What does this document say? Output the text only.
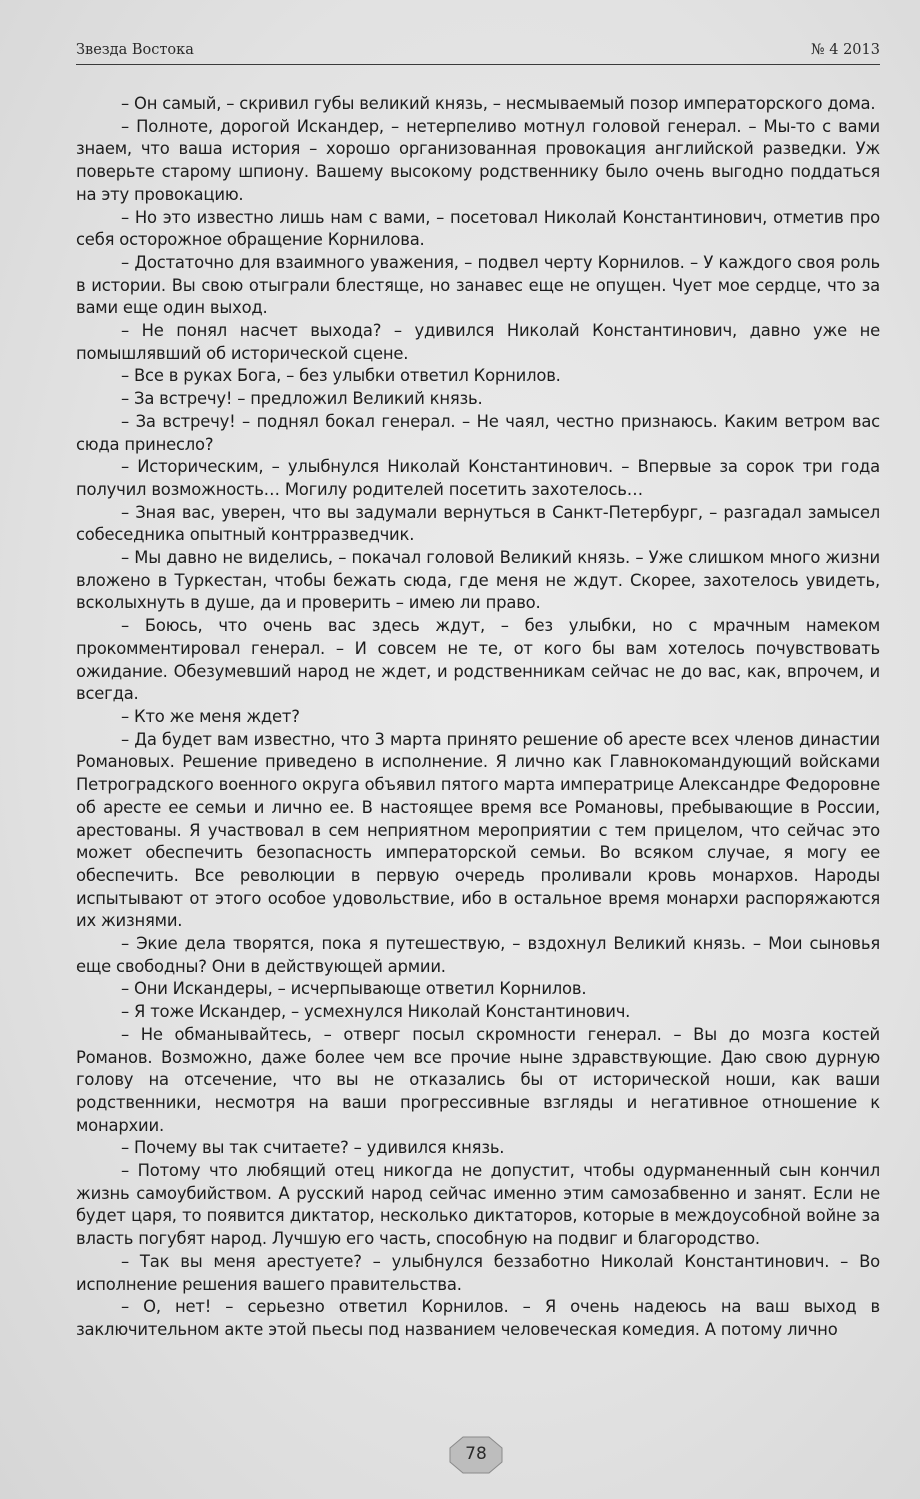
Звезда Востока	№ 4 2013

– Он самый, – скривил губы великий князь, – несмываемый позор императорского дома.

– Полноте, дорогой Искандер, – нетерпеливо мотнул головой генерал. – Мы-то с вами знаем, что ваша история – хорошо организованная провокация английской разведки. Уж поверьте старому шпиону. Вашему высокому родственнику было очень выгодно поддаться на эту провокацию.

– Но это известно лишь нам с вами, – посетовал Николай Константинович, отметив про себя осторожное обращение Корнилова.

– Достаточно для взаимного уважения, – подвел черту Корнилов. – У каждого своя роль в истории. Вы свою отыграли блестяще, но занавес еще не опущен. Чует мое сердце, что за вами еще один выход.

– Не понял насчет выхода? – удивился Николай Константинович, давно уже не помышлявший об исторической сцене.

– Все в руках Бога, – без улыбки ответил Корнилов.

– За встречу! – предложил Великий князь.

– За встречу! – поднял бокал генерал. – Не чаял, честно признаюсь. Каким ветром вас сюда принесло?

– Историческим, – улыбнулся Николай Константинович. – Впервые за сорок три года получил возможность… Могилу родителей посетить захотелось…

– Зная вас, уверен, что вы задумали вернуться в Санкт-Петербург, – разгадал замысел собеседника опытный контрразведчик.

– Мы давно не виделись, – покачал головой Великий князь. – Уже слишком много жизни вложено в Туркестан, чтобы бежать сюда, где меня не ждут. Скорее, захотелось увидеть, всколыхнуть в душе, да и проверить – имею ли право.

– Боюсь, что очень вас здесь ждут, – без улыбки, но с мрачным намеком прокомментировал генерал. – И совсем не те, от кого бы вам хотелось почувствовать ожидание. Обезумевший народ не ждет, и родственникам сейчас не до вас, как, впрочем, и всегда.

– Кто же меня ждет?

– Да будет вам известно, что 3 марта принято решение об аресте всех членов династии Романовых. Решение приведено в исполнение. Я лично как Главнокомандующий войсками Петроградского военного округа объявил пятого марта императрице Александре Федоровне об аресте ее семьи и лично ее. В настоящее время все Романовы, пребывающие в России, арестованы. Я участвовал в сем неприятном мероприятии с тем прицелом, что сейчас это может обеспечить безопасность императорской семьи. Во всяком случае, я могу ее обеспечить. Все революции в первую очередь проливали кровь монархов. Народы испытывают от этого особое удовольствие, ибо в остальное время монархи распоряжаются их жизнями.

– Экие дела творятся, пока я путешествую, – вздохнул Великий князь. – Мои сыновья еще свободны? Они в действующей армии.

– Они Искандеры, – исчерпывающе ответил Корнилов.

– Я тоже Искандер, – усмехнулся Николай Константинович.

– Не обманывайтесь, – отверг посыл скромности генерал. – Вы до мозга костей Романов. Возможно, даже более чем все прочие ныне здравствующие. Даю свою дурную голову на отсечение, что вы не отказались бы от исторической ноши, как ваши родственники, несмотря на ваши прогрессивные взгляды и негативное отношение к монархии.

– Почему вы так считаете? – удивился князь.

– Потому что любящий отец никогда не допустит, чтобы одурманенный сын кончил жизнь самоубийством. А русский народ сейчас именно этим самозабвенно и занят. Если не будет царя, то появится диктатор, несколько диктаторов, которые в междоусобной войне за власть погубят народ. Лучшую его часть, способную на подвиг и благородство.

– Так вы меня арестуете? – улыбнулся беззаботно Николай Константинович. – Во исполнение решения вашего правительства.

– О, нет! – серьезно ответил Корнилов. – Я очень надеюсь на ваш выход в заключительном акте этой пьесы под названием человеческая комедия. А потому лично

78
